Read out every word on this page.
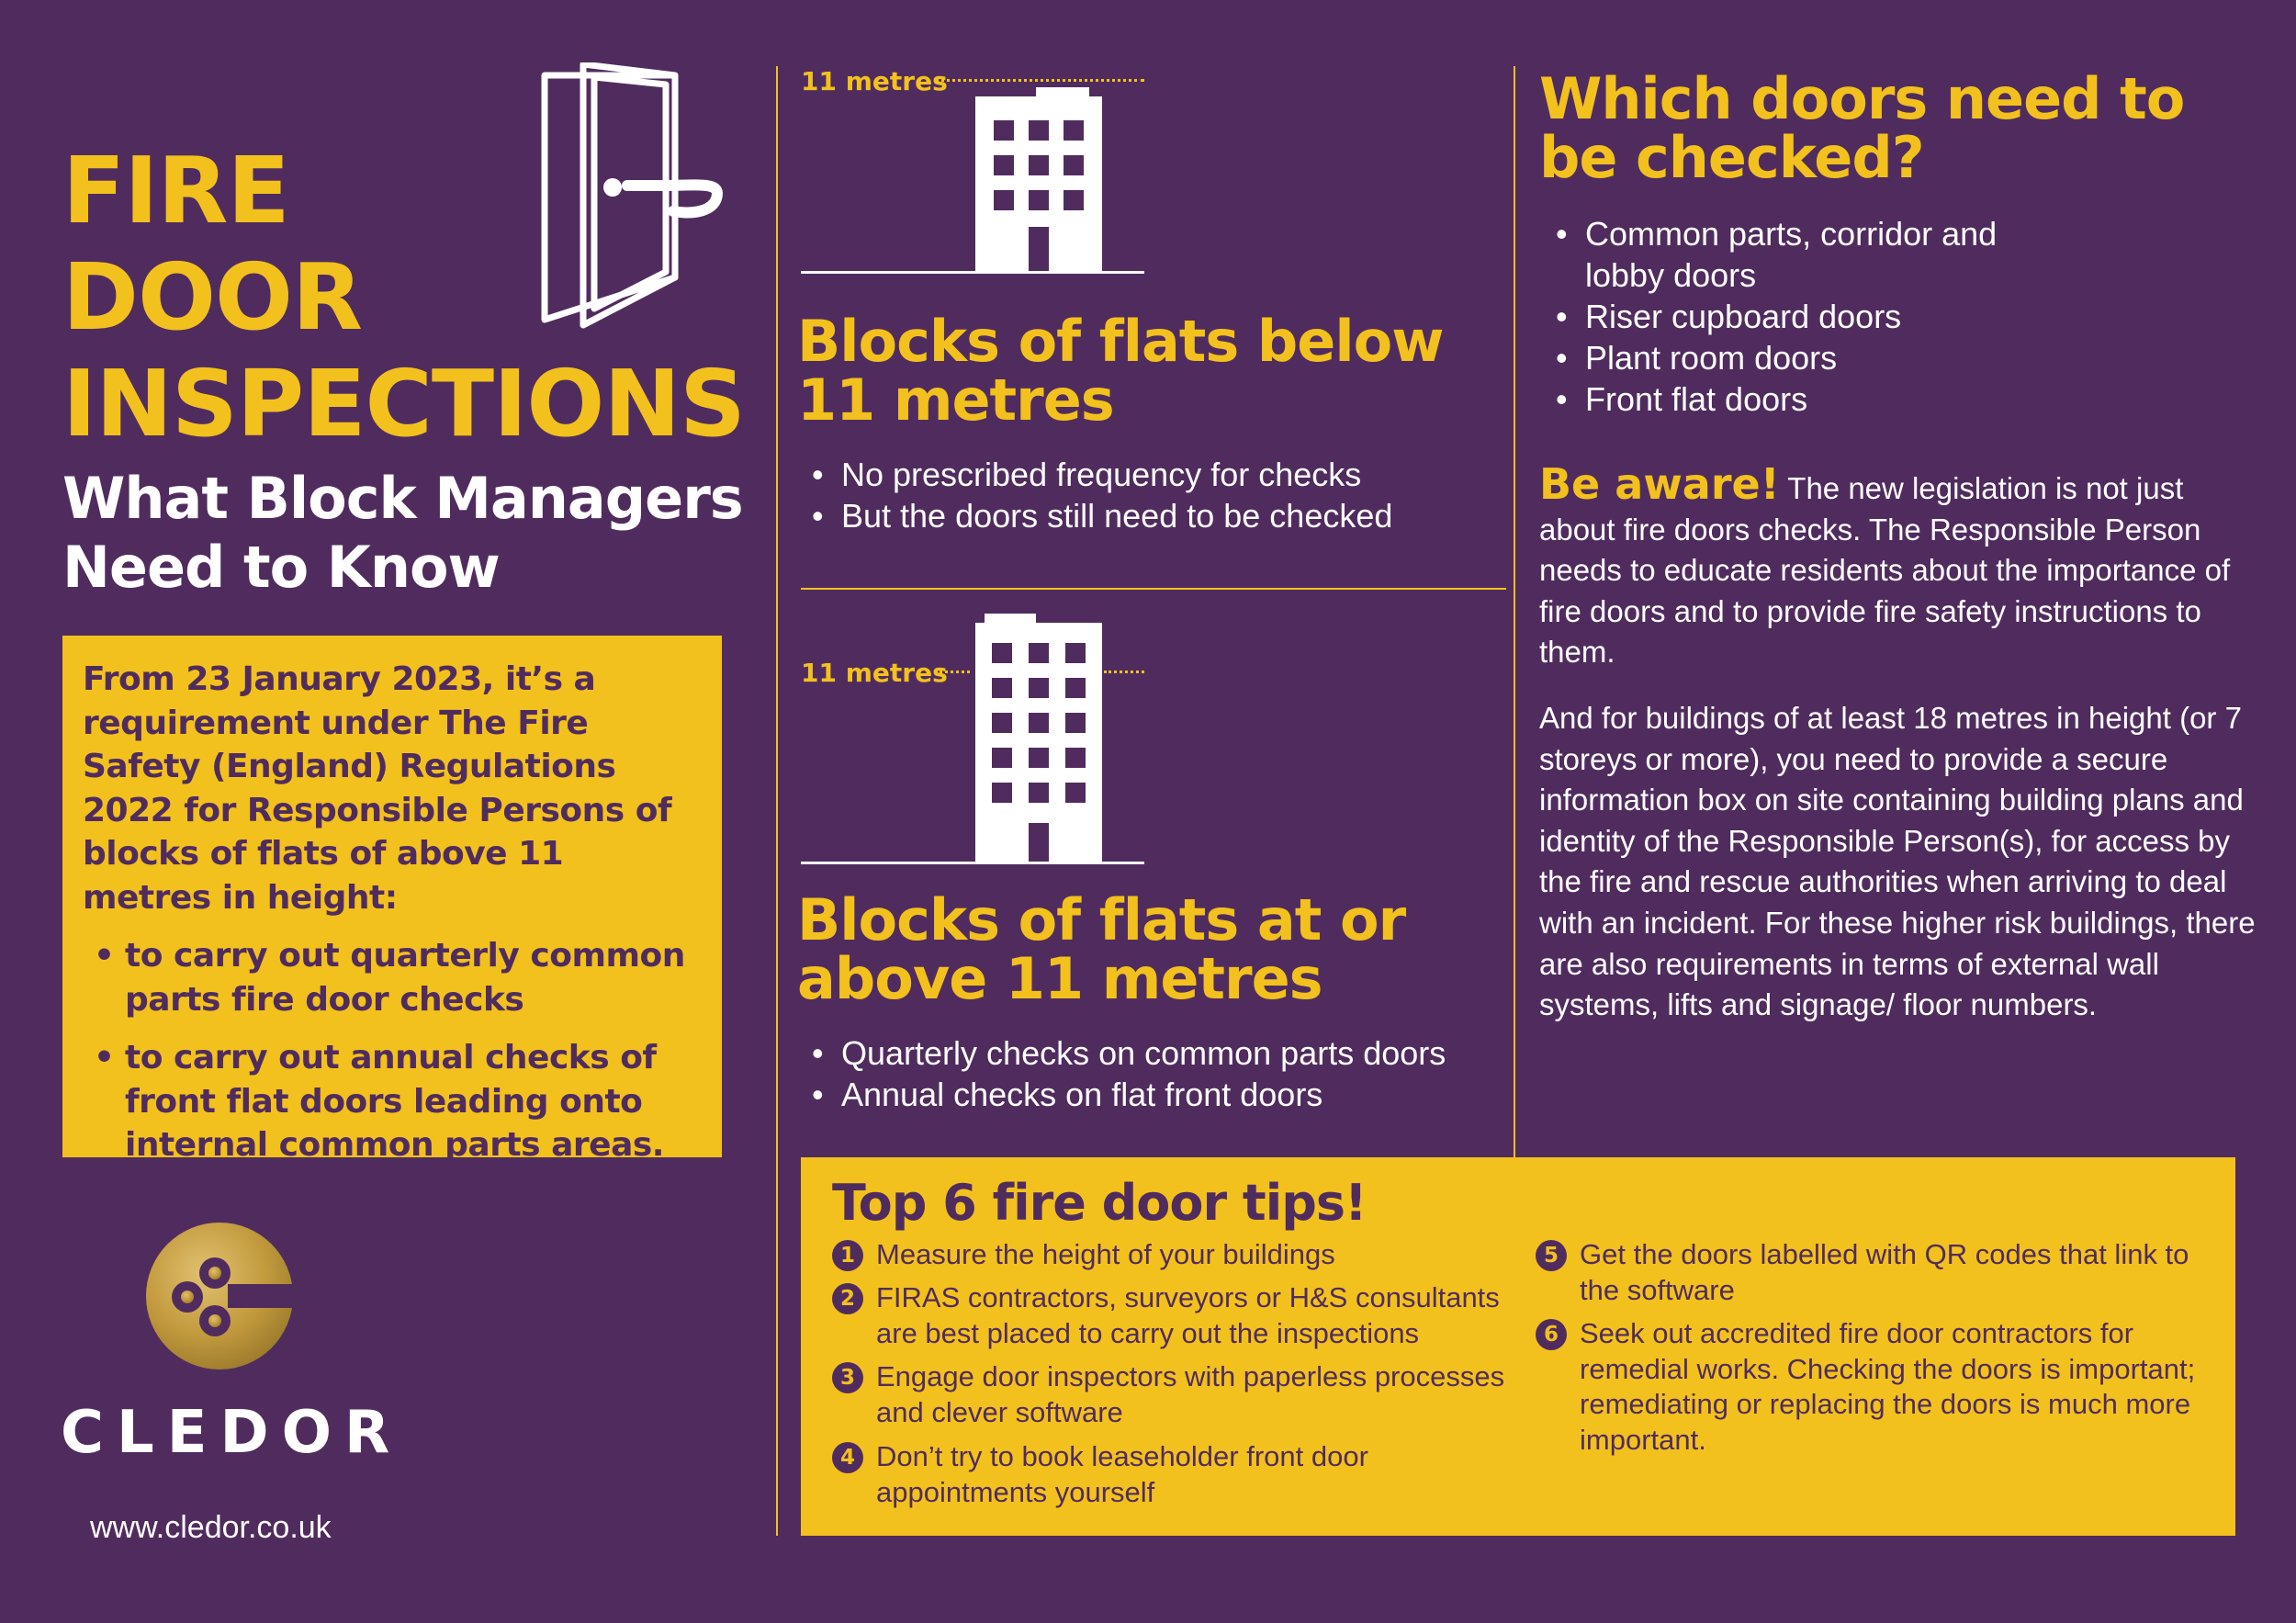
FIRE
DOOR
INSPECTIONS
What Block Managers
Need to Know

From 23 January 2023, it’s a requirement under The Fire Safety (England) Regulations 2022 for Responsible Persons of blocks of flats of above 11 metres in height:

• to carry out quarterly common parts fire door checks
• to carry out annual checks of front flat doors leading onto internal common parts areas.
CLEDOR
www.cledor.co.uk
11 metres
Blocks of flats below
11 metres
• No prescribed frequency for checks
• But the doors still need to be checked
11 metres
Blocks of flats at or
above 11 metres
• Quarterly checks on common parts doors
• Annual checks on flat front doors
Which doors need to
be checked?
• Common parts, corridor and lobby doors
• Riser cupboard doors
• Plant room doors
• Front flat doors

Be aware! The new legislation is not just about fire doors checks. The Responsible Person needs to educate residents about the importance of fire doors and to provide fire safety instructions to them.

And for buildings of at least 18 metres in height (or 7 storeys or more), you need to provide a secure information box on site containing building plans and identity of the Responsible Person(s), for access by the fire and rescue authorities when arriving to deal with an incident. For these higher risk buildings, there are also requirements in terms of external wall systems, lifts and signage/ floor numbers.

Top 6 fire door tips!
1 Measure the height of your buildings
2 FIRAS contractors, surveyors or H&S consultants are best placed to carry out the inspections
3 Engage door inspectors with paperless processes and clever software
4 Don’t try to book leaseholder front door appointments yourself
5 Get the doors labelled with QR codes that link to the software
6 Seek out accredited fire door contractors for remedial works. Checking the doors is important; remediating or replacing the doors is much more important.
